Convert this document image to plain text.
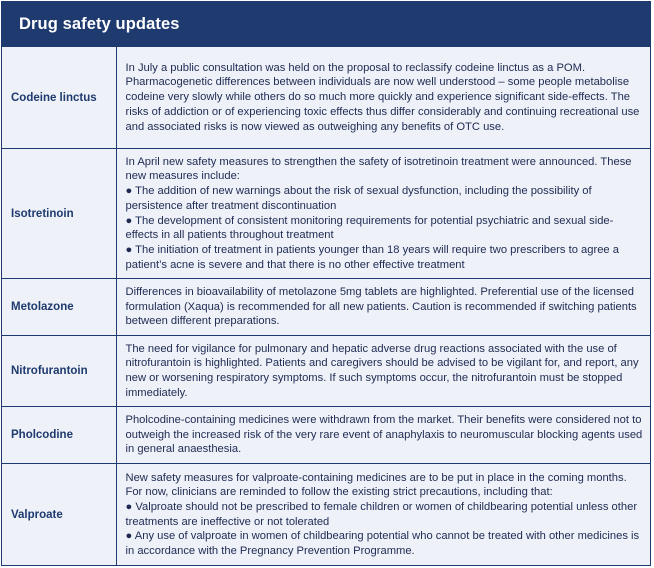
Drug safety updates
Codeine linctus	In July a public consultation was held on the proposal to reclassify codeine linctus as a POM. Pharmacogenetic differences between individuals are now well understood – some people metabolise codeine very slowly while others do so much more quickly and experience significant side-effects. The risks of addiction or of experiencing toxic effects thus differ considerably and continuing recreational use and associated risks is now viewed as outweighing any benefits of OTC use.

Isotretinoin	In April new safety measures to strengthen the safety of isotretinoin treatment were announced. These new measures include:

● The addition of new warnings about the risk of sexual dysfunction, including the possibility of persistence after treatment discontinuation
● The development of consistent monitoring requirements for potential psychiatric and sexual side-effects in all patients throughout treatment
● The initiation of treatment in patients younger than 18 years will require two prescribers to agree a patient’s acne is severe and that there is no other effective treatment

Metolazone	Differences in bioavailability of metolazone 5mg tablets are highlighted. Preferential use of the licensed formulation (Xaqua) is recommended for all new patients. Caution is recommended if switching patients between different preparations.

Nitrofurantoin	The need for vigilance for pulmonary and hepatic adverse drug reactions associated with the use of nitrofurantoin is highlighted. Patients and caregivers should be advised to be vigilant for, and report, any new or worsening respiratory symptoms. If such symptoms occur, the nitrofurantoin must be stopped immediately.

Pholcodine	Pholcodine-containing medicines were withdrawn from the market. Their benefits were considered not to outweigh the increased risk of the very rare event of anaphylaxis to neuromuscular blocking agents used in general anaesthesia.

Valproate	New safety measures for valproate-containing medicines are to be put in place in the coming months. For now, clinicians are reminded to follow the existing strict precautions, including that:

● Valproate should not be prescribed to female children or women of childbearing potential unless other treatments are ineffective or not tolerated
● Any use of valproate in women of childbearing potential who cannot be treated with other medicines is in accordance with the Pregnancy Prevention Programme.
